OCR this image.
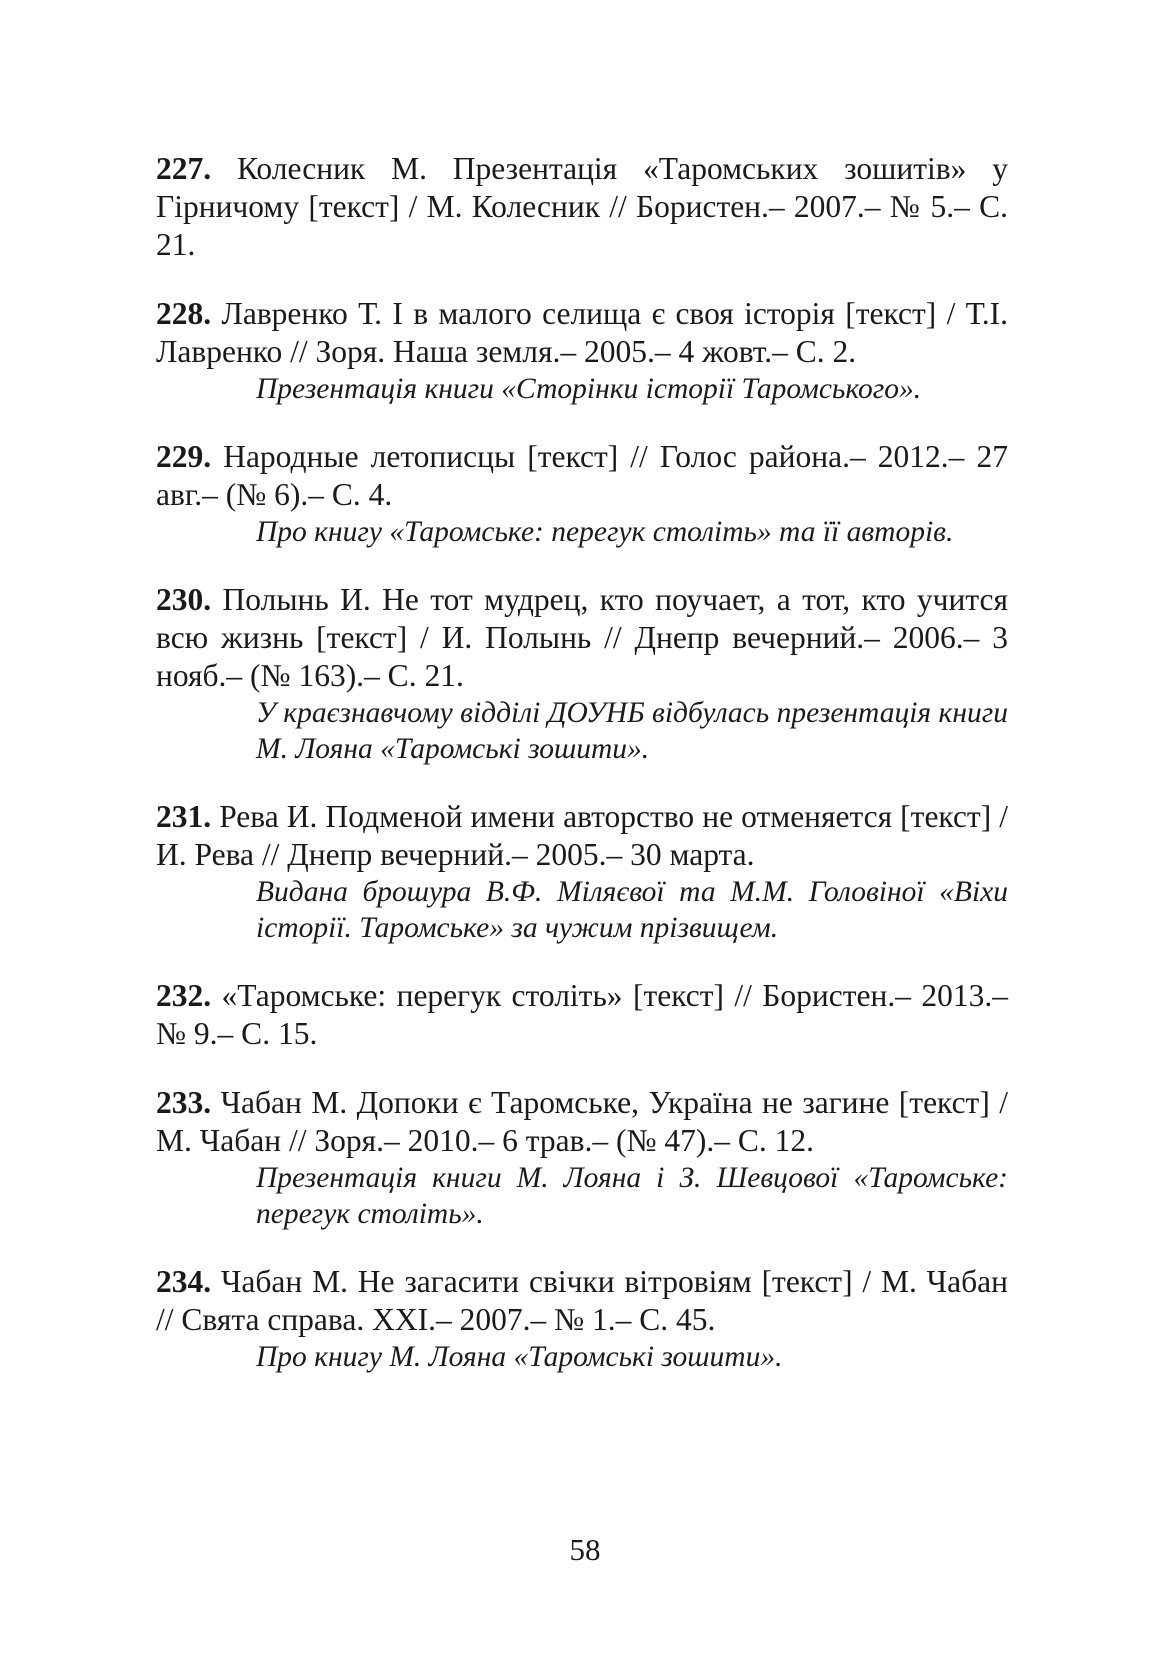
227. Колесник М. Презентація «Таромських зошитів» у Гірничому [текст] / М. Колесник // Бористен.– 2007.– № 5.– С. 21.

228. Лавренко Т. І в малого селища є своя історія [текст] / Т.І. Лавренко // Зоря. Наша земля.– 2005.– 4 жовт.– С. 2.

Презентація книги «Сторінки історії Таромського».

229. Народные летописцы [текст] // Голос района.– 2012.– 27 авг.– (№ 6).– С. 4.

Про книгу «Таромське: перегук століть» та її авторів.

230. Полынь И. Не тот мудрец, кто поучает, а тот, кто учится всю жизнь [текст] / И. Полынь // Днепр вечерний.– 2006.– 3 нояб.– (№ 163).– С. 21.

У краєзнавчому відділі ДОУНБ відбулась презентація книги М. Лояна «Таромські зошити».

231. Рева И. Подменой имени авторство не отменяется [текст] / И. Рева // Днепр вечерний.– 2005.– 30 марта.

Видана брошура В.Ф. Міляєвої та М.М. Головіної «Віхи історії. Таромське» за чужим прізвищем.

232. «Таромське: перегук століть» [текст] // Бористен.– 2013.– № 9.– С. 15.

233. Чабан М. Допоки є Таромське, Україна не загине [текст] / М. Чабан // Зоря.– 2010.– 6 трав.– (№ 47).– С. 12.

Презентація книги М. Лояна і З. Шевцової «Таромське: перегук століть».

234. Чабан М. Не загасити свічки вітровіям [текст] / М. Чабан // Свята справа. XXI.– 2007.– № 1.– С. 45.

Про книгу М. Лояна «Таромські зошити».

58
